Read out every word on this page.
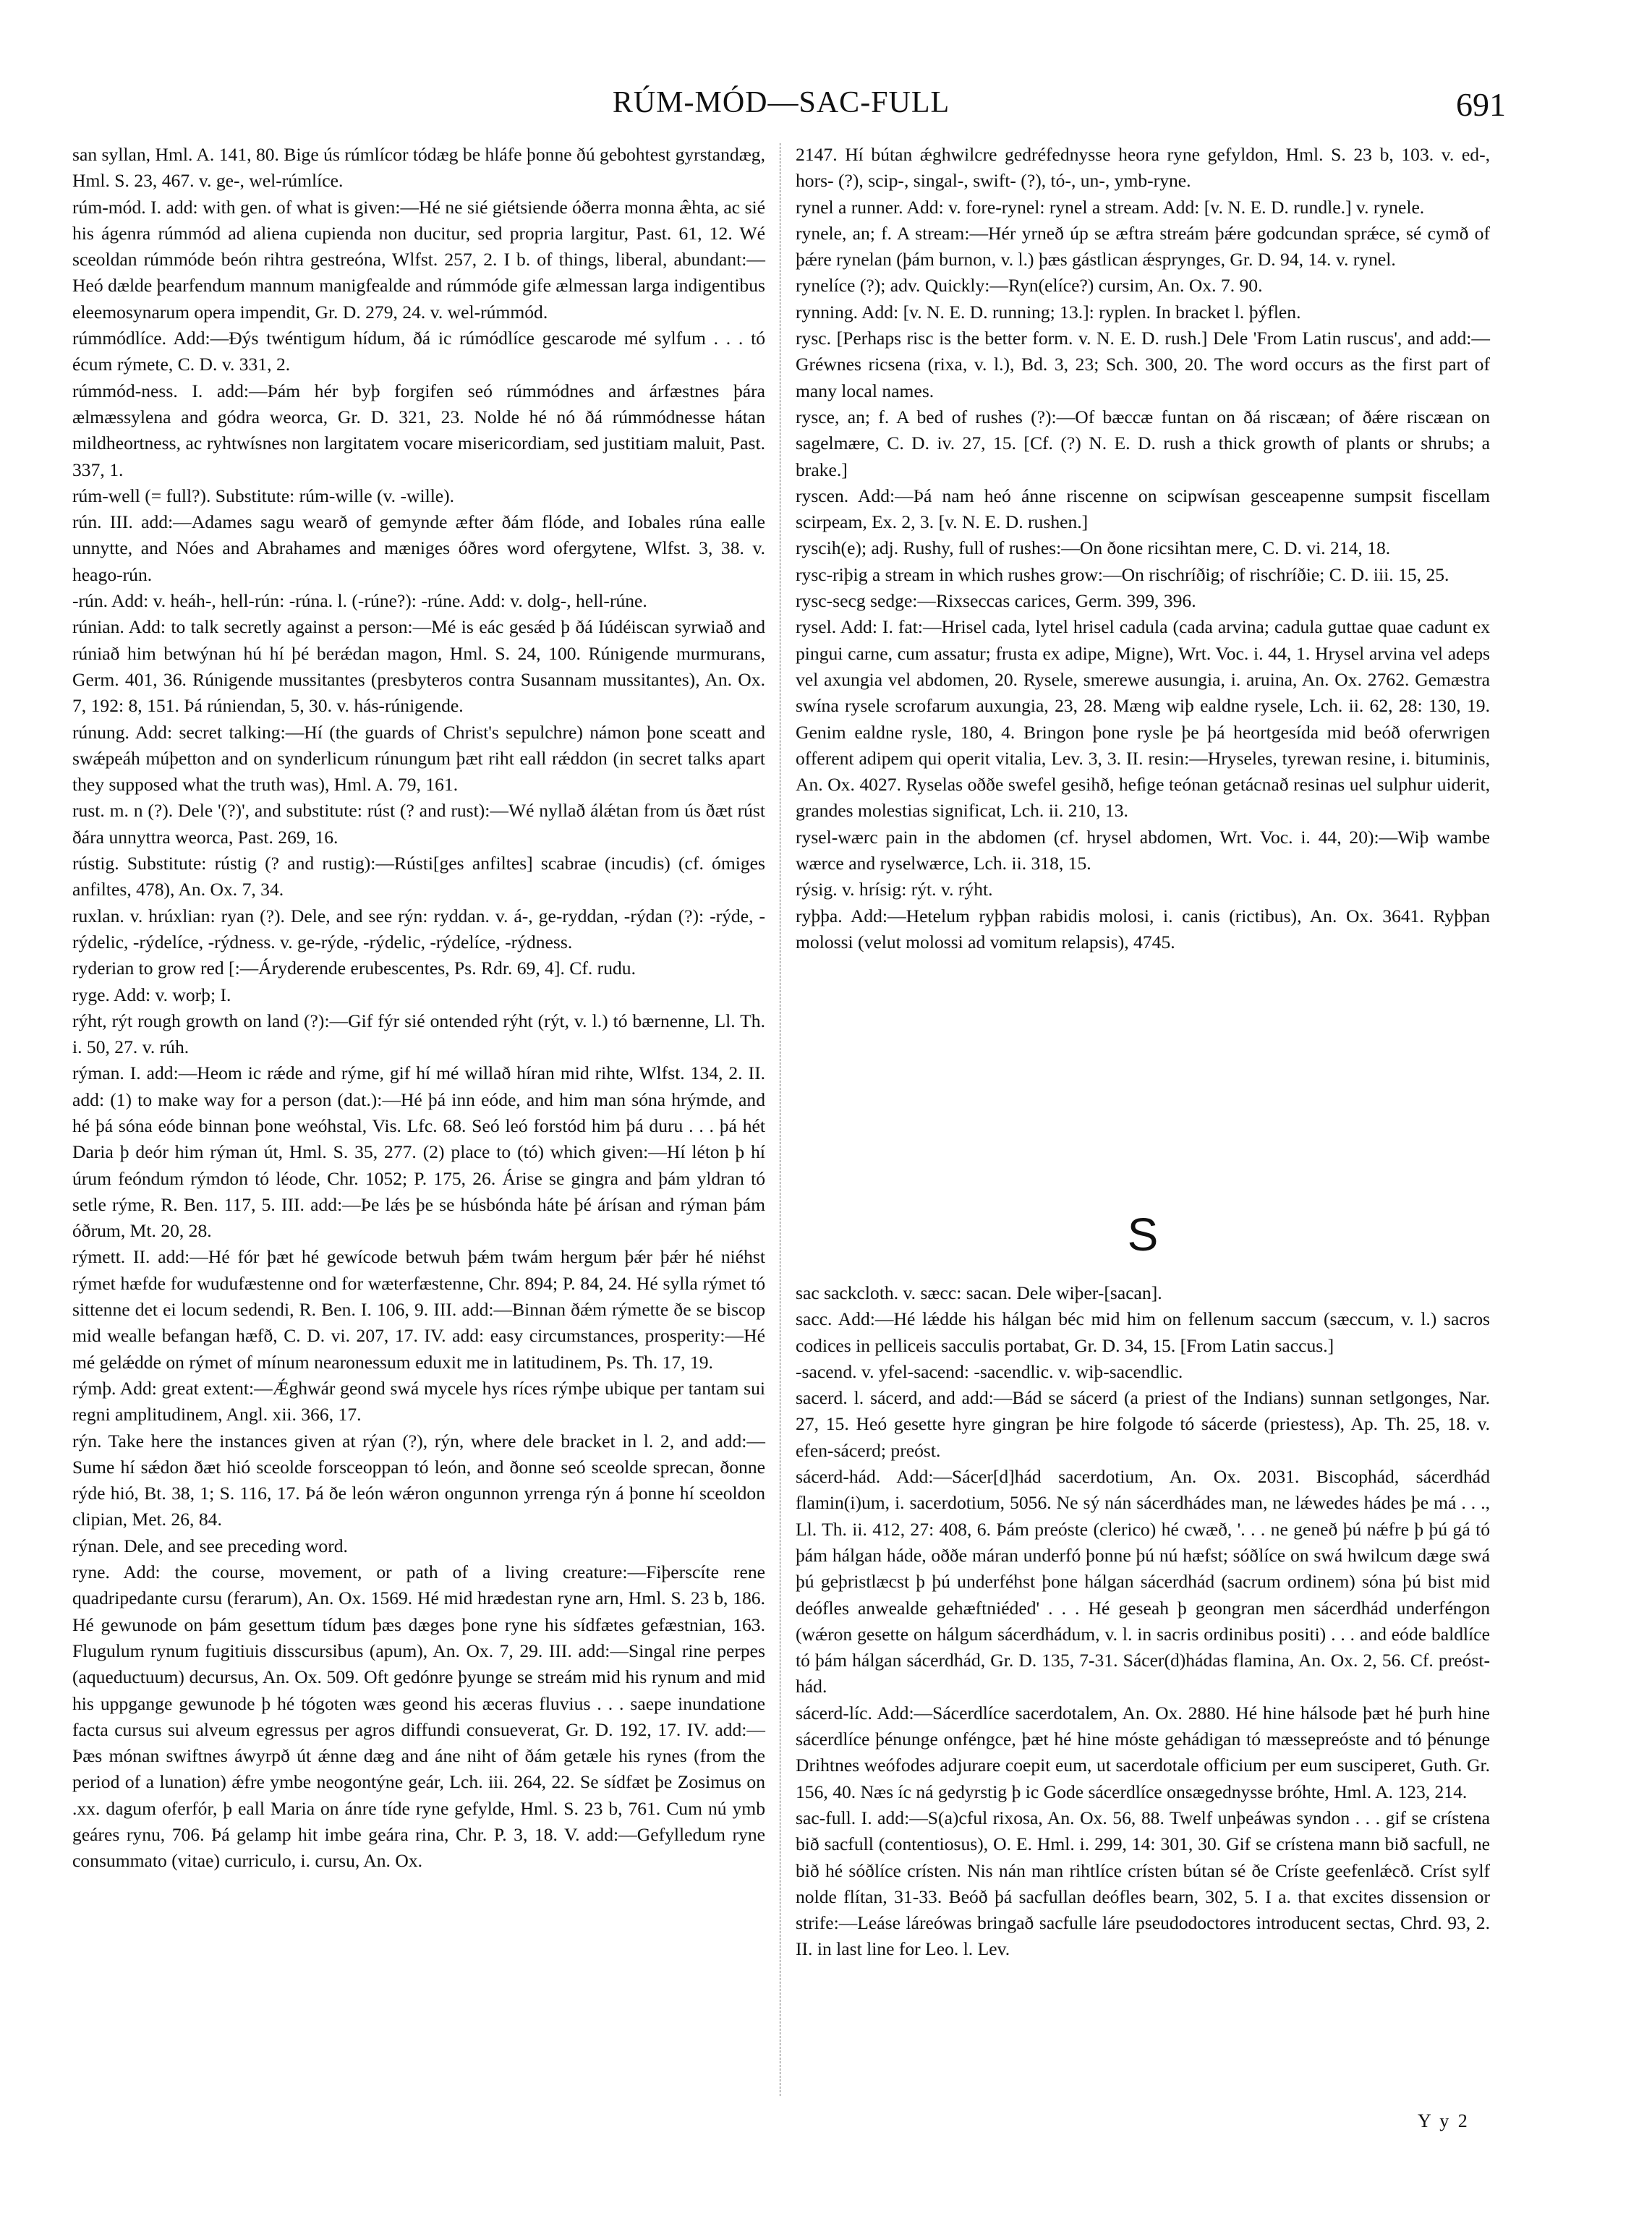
RÚM-MÓD—SAC-FULL	691

san syllan, Hml. A. 141, 80. Bige ús rúmlícor tódæg be hláfe þonne ðú gebohtest gyrstandæg, Hml. S. 23, 467. v. ge-, wel-rúmlíce.

rúm-mód. I. add: with gen. of what is given:—Hé ne sié giétsiende óðerra monna æ̂hta, ac sié his ágenra rúmmód ad aliena cupienda non ducitur, sed propria largitur, Past. 61, 12. Wé sceoldan rúmmóde beón rihtra gestreóna, Wlfst. 257, 2. I b. of things, liberal, abundant:—Heó dælde þearfendum mannum manigfealde and rúmmóde gife ælmessan larga indigentibus eleemosynarum opera impendit, Gr. D. 279, 24. v. wel-rúmmód.

rúmmódlíce. Add:—Ðýs twéntigum hídum, ðá ic rúmódlíce gescarode mé sylfum . . . tó écum rýmete, C. D. v. 331, 2.

rúmmód-ness. I. add:—Þám hér byþ forgifen seó rúmmódnes and árfæstnes þára ælmæssylena and gódra weorca, Gr. D. 321, 23. Nolde hé nó ðá rúmmódnesse hátan mildheortness, ac ryhtwísnes non largitatem vocare misericordiam, sed justitiam maluit, Past. 337, 1.

rúm-well (= full?). Substitute: rúm-wille (v. -wille).

rún. III. add:—Adames sagu wearð of gemynde æfter ðám flóde, and Iobales rúna ealle unnytte, and Nóes and Abrahames and mæniges óðres word ofergytene, Wlfst. 3, 38. v. heago-rún.

-rún. Add: v. heáh-, hell-rún: -rúna. l. (-rúne?): -rúne. Add: v. dolg-, hell-rúne.

rúnian. Add: to talk secretly against a person:—Mé is eác gesǽd þ ðá Iúdéiscan syrwiað and rúniað him betwýnan hú hí þé berǽdan magon, Hml. S. 24, 100. Rúnigende murmurans, Germ. 401, 36. Rúnigende mussitantes (presbyteros contra Susannam mussitantes), An. Ox. 7, 192: 8, 151. Þá rúniendan, 5, 30. v. hás-rúnigende.

rúnung. Add: secret talking:—Hí (the guards of Christ's sepulchre) námon þone sceatt and swǽpeáh múþetton and on synderlicum rúnungum þæt riht eall rǽddon (in secret talks apart they supposed what the truth was), Hml. A. 79, 161.

rust. m. n (?). Dele '(?)', and substitute: rúst (? and rust):—Wé nyllað álǽtan from ús ðæt rúst ðára unnyttra weorca, Past. 269, 16.

rústig. Substitute: rústig (? and rustig):—Rústi[ges anfiltes] scabrae (incudis) (cf. ómiges anfiltes, 478), An. Ox. 7, 34.

ruxlan. v. hrúxlian: ryan (?). Dele, and see rýn: ryddan. v. á-, ge-ryddan, -rýdan (?): -rýde, -rýdelic, -rýdelíce, -rýdness. v. ge-rýde, -rýdelic, -rýdelíce, -rýdness.

ryderian to grow red [:—Áryderende erubescentes, Ps. Rdr. 69, 4]. Cf. rudu.

ryge. Add: v. worþ; I.

rýht, rýt rough growth on land (?):—Gif fýr sié ontended rýht (rýt, v. l.) tó bærnenne, Ll. Th. i. 50, 27. v. rúh.

rýman. I. add:—Heom ic rǽde and rýme, gif hí mé willað híran mid rihte, Wlfst. 134, 2. II. add: (1) to make way for a person (dat.):—Hé þá inn eóde, and him man sóna hrýmde, and hé þá sóna eóde binnan þone weóhstal, Vis. Lfc. 68. Seó leó forstód him þá duru . . . þá hét Daria þ deór him rýman út, Hml. S. 35, 277. (2) place to (tó) which given:—Hí léton þ hí úrum feóndum rýmdon tó léode, Chr. 1052; P. 175, 26. Árise se gingra and þám yldran tó setle rýme, R. Ben. 117, 5. III. add:—Þe lǽs þe se húsbónda háte þé árísan and rýman þám óðrum, Mt. 20, 28.

rýmett. II. add:—Hé fór þæt hé gewícode betwuh þǽm twám hergum þǽr þǽr hé niéhst rýmet hæfde for wudufæstenne ond for wæterfæstenne, Chr. 894; P. 84, 24. Hé sylla rýmet tó sittenne det ei locum sedendi, R. Ben. I. 106, 9. III. add:—Binnan ðǽm rýmette ðe se biscop mid wealle befangan hæfð, C. D. vi. 207, 17. IV. add: easy circumstances, prosperity:—Hé mé gelǽdde on rýmet of mínum nearonessum eduxit me in latitudinem, Ps. Th. 17, 19.

rýmþ. Add: great extent:—Ǽghwár geond swá mycele hys ríces rýmþe ubique per tantam sui regni amplitudinem, Angl. xii. 366, 17.

rýn. Take here the instances given at rýan (?), rýn, where dele bracket in l. 2, and add:—Sume hí sǽdon ðæt hió sceolde forsceoppan tó león, and ðonne seó sceolde sprecan, ðonne rýde hió, Bt. 38, 1; S. 116, 17. Þá ðe león wǽron ongunnon yrrenga rýn á þonne hí sceoldon clipian, Met. 26, 84.

rýnan. Dele, and see preceding word.

ryne. Add: the course, movement, or path of a living creature:—Fiþerscíte rene quadripedante cursu (ferarum), An. Ox. 1569. Hé mid hrædestan ryne arn, Hml. S. 23 b, 186. Hé gewunode on þám gesettum tídum þæs dæges þone ryne his sídfætes gefæstnian, 163. Flugulum rynum fugitiuis disscursibus (apum), An. Ox. 7, 29. III. add:—Singal rine perpes (aqueductuum) decursus, An. Ox. 509. Oft gedónre þyunge se streám mid his rynum and mid his uppgange gewunode þ hé tógoten wæs geond his æceras fluvius . . . saepe inundatione facta cursus sui alveum egressus per agros diffundi consueverat, Gr. D. 192, 17. IV. add:—Þæs mónan swiftnes áwyrpð út ǽnne dæg and áne niht of ðám getæle his rynes (from the period of a lunation) ǽfre ymbe neogontýne geár, Lch. iii. 264, 22. Se sídfæt þe Zosimus on .xx. dagum oferfór, þ eall Maria on ánre tíde ryne gefylde, Hml. S. 23 b, 761. Cum nú ymb geáres rynu, 706. Þá gelamp hit imbe geára rina, Chr. P. 3, 18. V. add:—Gefylledum ryne consummato (vitae) curriculo, i. cursu, An. Ox.

2147. Hí bútan ǽghwilcre gedréfednysse heora ryne gefyldon, Hml. S. 23 b, 103. v. ed-, hors- (?), scip-, singal-, swift- (?), tó-, un-, ymb-ryne.

rynel a runner. Add: v. fore-rynel: rynel a stream. Add: [v. N. E. D. rundle.] v. rynele.

rynele, an; f. A stream:—Hér yrneð úp se æftra streám þǽre godcundan sprǽce, sé cymð of þǽre rynelan (þám burnon, v. l.) þæs gástlican ǽsprynges, Gr. D. 94, 14. v. rynel.

rynelíce (?); adv. Quickly:—Ryn(elíce?) cursim, An. Ox. 7. 90.

rynning. Add: [v. N. E. D. running; 13.]: ryplen. In bracket l. þýflen.

rysc. [Perhaps risc is the better form. v. N. E. D. rush.] Dele 'From Latin ruscus', and add:—Gréwnes ricsena (rixa, v. l.), Bd. 3, 23; Sch. 300, 20. The word occurs as the first part of many local names.

rysce, an; f. A bed of rushes (?):—Of bæccæ funtan on ðá riscæan; of ðǽre riscæan on sagelmære, C. D. iv. 27, 15. [Cf. (?) N. E. D. rush a thick growth of plants or shrubs; a brake.]

ryscen. Add:—Þá nam heó ánne riscenne on scipwísan gesceapenne sumpsit fiscellam scirpeam, Ex. 2, 3. [v. N. E. D. rushen.]

ryscih(e); adj. Rushy, full of rushes:—On ðone ricsihtan mere, C. D. vi. 214, 18.

rysc-riþig a stream in which rushes grow:—On rischríðig; of rischríðie; C. D. iii. 15, 25.

rysc-secg sedge:—Rixseccas carices, Germ. 399, 396.

rysel. Add: I. fat:—Hrisel cada, lytel hrisel cadula (cada arvina; cadula guttae quae cadunt ex pingui carne, cum assatur; frusta ex adipe, Migne), Wrt. Voc. i. 44, 1. Hrysel arvina vel adeps vel axungia vel abdomen, 20. Rysele, smerewe ausungia, i. aruina, An. Ox. 2762. Gemæstra swína rysele scrofarum auxungia, 23, 28. Mæng wiþ ealdne rysele, Lch. ii. 62, 28: 130, 19. Genim ealdne rysle, 180, 4. Bringon þone rysle þe þá heortgesída mid beóð oferwrigen offerent adipem qui operit vitalia, Lev. 3, 3. II. resin:—Hryseles, tyrewan resine, i. bituminis, An. Ox. 4027. Ryselas oððe swefel gesihð, heﬁge teónan getácnað resinas uel sulphur uiderit, grandes molestias significat, Lch. ii. 210, 13.

rysel-wærc pain in the abdomen (cf. hrysel abdomen, Wrt. Voc. i. 44, 20):—Wiþ wambe wærce and ryselwærce, Lch. ii. 318, 15.

rýsig. v. hrísig: rýt. v. rýht.

ryþþa. Add:—Hetelum ryþþan rabidis molosi, i. canis (rictibus), An. Ox. 3641. Ryþþan molossi (velut molossi ad vomitum relapsis), 4745.

S

sac sackcloth. v. sæcc: sacan. Dele wiþer-[sacan].

sacc. Add:—Hé lǽdde his hálgan béc mid him on fellenum saccum (sæccum, v. l.) sacros codices in pelliceis sacculis portabat, Gr. D. 34, 15. [From Latin saccus.]

-sacend. v. yfel-sacend: -sacendlic. v. wiþ-sacendlic.

sacerd. l. sácerd, and add:—Bád se sácerd (a priest of the Indians) sunnan setlgonges, Nar. 27, 15. Heó gesette hyre gingran þe hire folgode tó sácerde (priestess), Ap. Th. 25, 18. v. efen-sácerd; preóst.

sácerd-hád. Add:—Sácer[d]hád sacerdotium, An. Ox. 2031. Biscophád, sácerdhád flamin(i)um, i. sacerdotium, 5056. Ne sý nán sácerdhádes man, ne lǽwedes hádes þe má . . ., Ll. Th. ii. 412, 27: 408, 6. Þám preóste (clerico) hé cwæð, '. . . ne geneð þú nǽfre þ þú gá tó þám hálgan háde, oððe máran underfó þonne þú nú hæfst; sóðlíce on swá hwilcum dæge swá þú geþristlæcst þ þú underféhst þone hálgan sácerdhád (sacrum ordinem) sóna þú bist mid deófles anwealde gehæftniéded' . . . Hé geseah þ geongran men sácerdhád underféngon (wǽron gesette on hálgum sácerdhádum, v. l. in sacris ordinibus positi) . . . and eóde baldlíce tó þám hálgan sácerdhád, Gr. D. 135, 7-31. Sácer(d)hádas flamina, An. Ox. 2, 56. Cf. preóst-hád.

sácerd-líc. Add:—Sácerdlíce sacerdotalem, An. Ox. 2880. Hé hine hálsode þæt hé þurh hine sácerdlíce þénunge onféngce, þæt hé hine móste gehádigan tó mæssepreóste and tó þénunge Drihtnes weófodes adjurare coepit eum, ut sacerdotale officium per eum susciperet, Guth. Gr. 156, 40. Næs íc ná gedyrstig þ ic Gode sácerdlíce onsægednysse bróhte, Hml. A. 123, 214.

sac-full. I. add:—S(a)cful rixosa, An. Ox. 56, 88. Twelf unþeáwas syndon . . . gif se crístena bið sacfull (contentiosus), O. E. Hml. i. 299, 14: 301, 30. Gif se crístena mann bið sacfull, ne bið hé sóðlíce crísten. Nis nán man rihtlíce crísten bútan sé ðe Críste geefenlǽcð. Críst sylf nolde flítan, 31-33. Beóð þá sacfullan deófles bearn, 302, 5. I a. that excites dissension or strife:—Leáse láreówas bringað sacfulle láre pseudodoctores introducent sectas, Chrd. 93, 2. II. in last line for Leo. l. Lev.

Y y 2
